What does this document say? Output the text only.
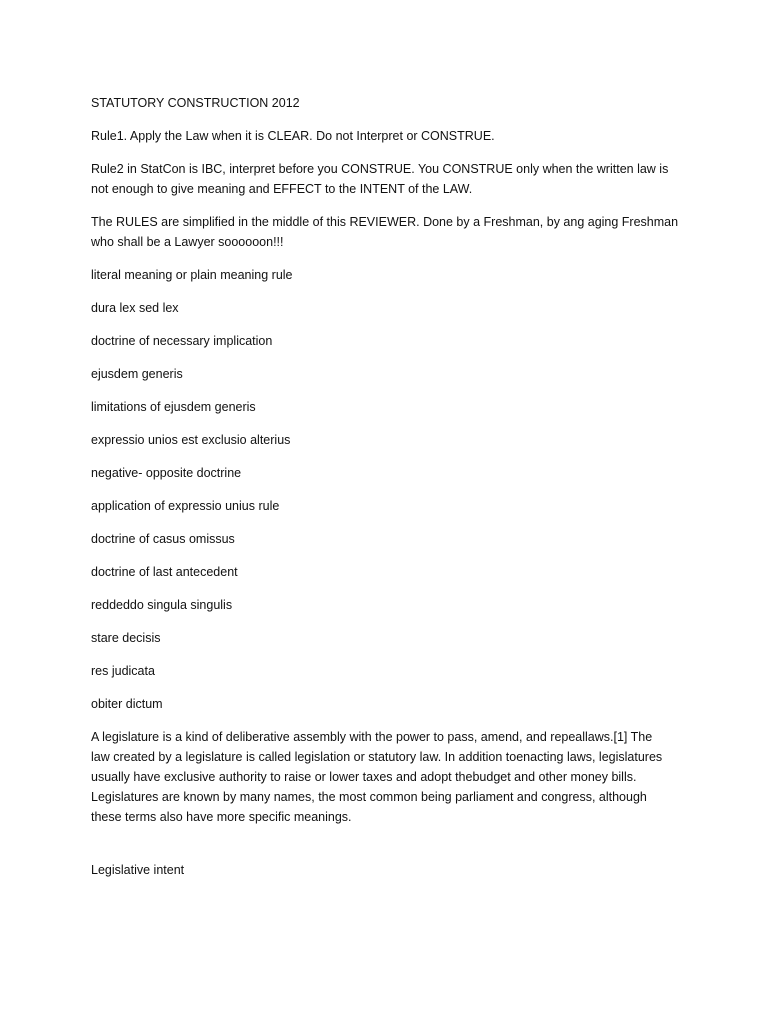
STATUTORY CONSTRUCTION 2012

Rule1. Apply the Law when it is CLEAR. Do not Interpret or CONSTRUE.

Rule2 in StatCon is IBC, interpret before you CONSTRUE. You CONSTRUE only when the written law is
not enough to give meaning and EFFECT to the INTENT of the LAW.
The RULES are simplified in the middle of this REVIEWER. Done by a Freshman, by ang aging Freshman
who shall be a Lawyer soooooon!!!

literal meaning or plain meaning rule

dura lex sed lex

doctrine of necessary implication

ejusdem generis

limitations of ejusdem generis

expressio unios est exclusio alterius

negative- opposite doctrine

application of expressio unius rule

doctrine of casus omissus

doctrine of last antecedent

reddeddo singula singulis

stare decisis

res judicata

obiter dictum

A legislature is a kind of deliberative assembly with the power to pass, amend, and repeallaws.[1] The
law created by a legislature is called legislation or statutory law. In addition toenacting laws, legislatures
usually have exclusive authority to raise or lower taxes and adopt thebudget and other money bills.
Legislatures are known by many names, the most common being parliament and congress, although
these terms also have more specific meanings.

Legislative intent
